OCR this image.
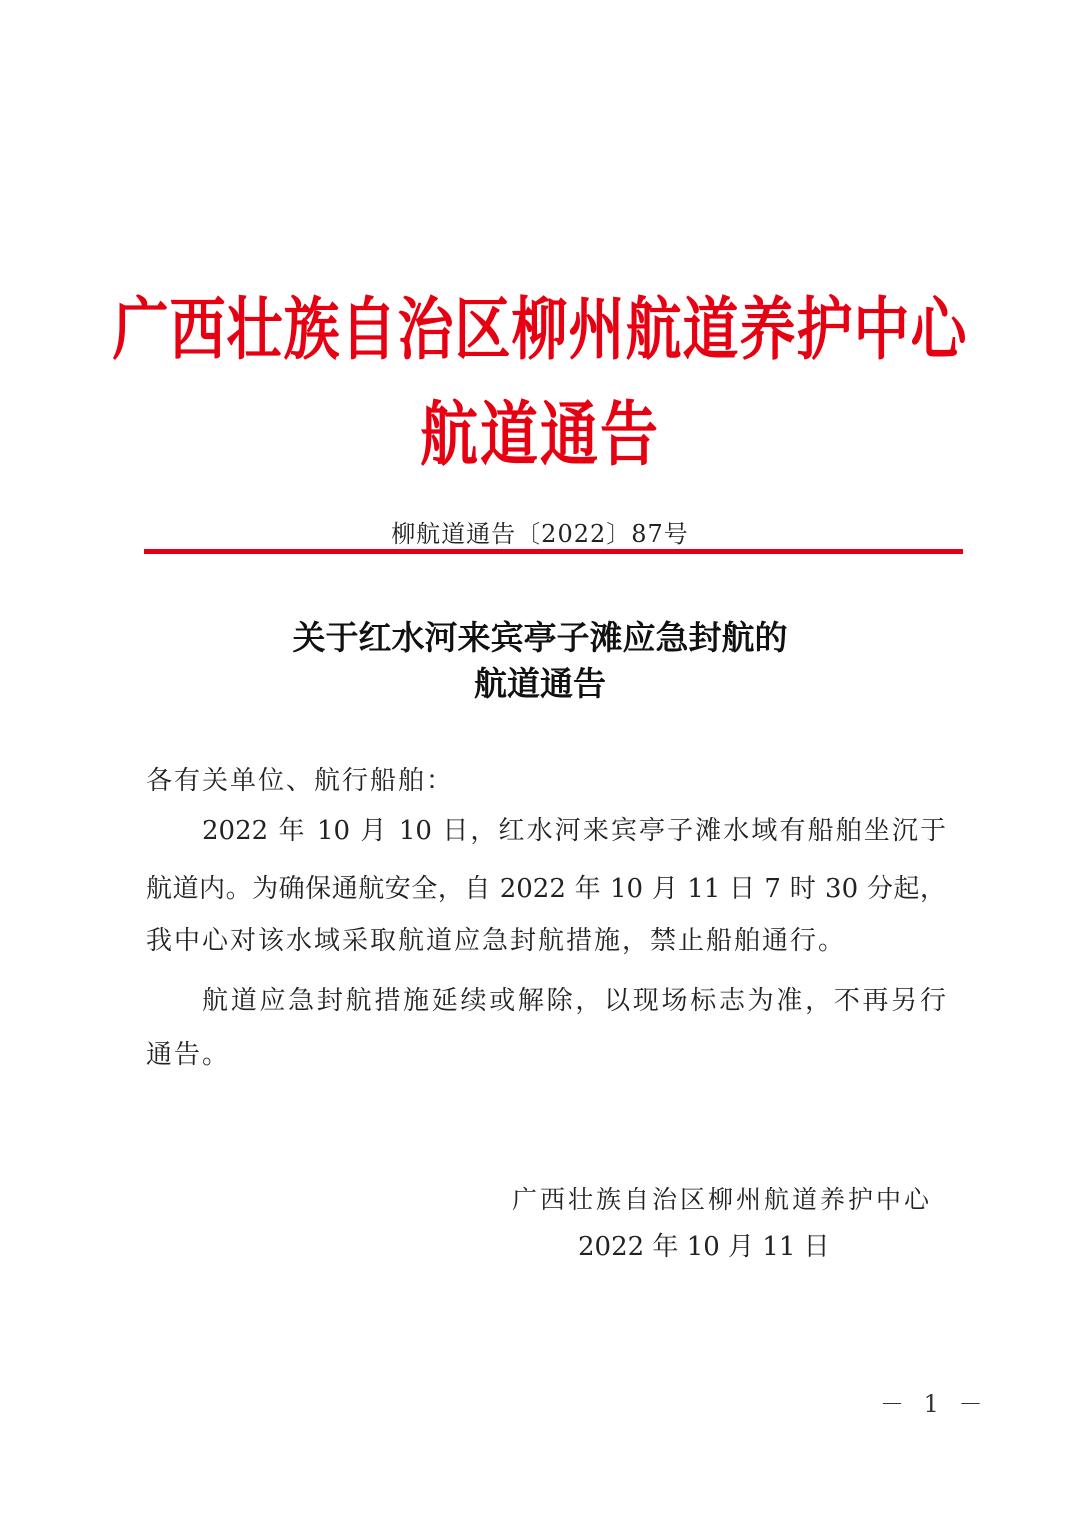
广西壮族自治区柳州航道养护中心
航道通告
柳航道通告〔2022〕87号
关于红水河来宾亭子滩应急封航的
航道通告
各有关单位、航行船舶：
2022 年 10 月 10 日，红水河来宾亭子滩水域有船舶坐沉于
航道内。为确保通航安全，自 2022 年 10 月 11 日 7 时 30 分起，
我中心对该水域采取航道应急封航措施，禁止船舶通行。
航道应急封航措施延续或解除，以现场标志为准，不再另行
通告。
广西壮族自治区柳州航道养护中心
2022 年 10 月 11 日
－ 1 －
